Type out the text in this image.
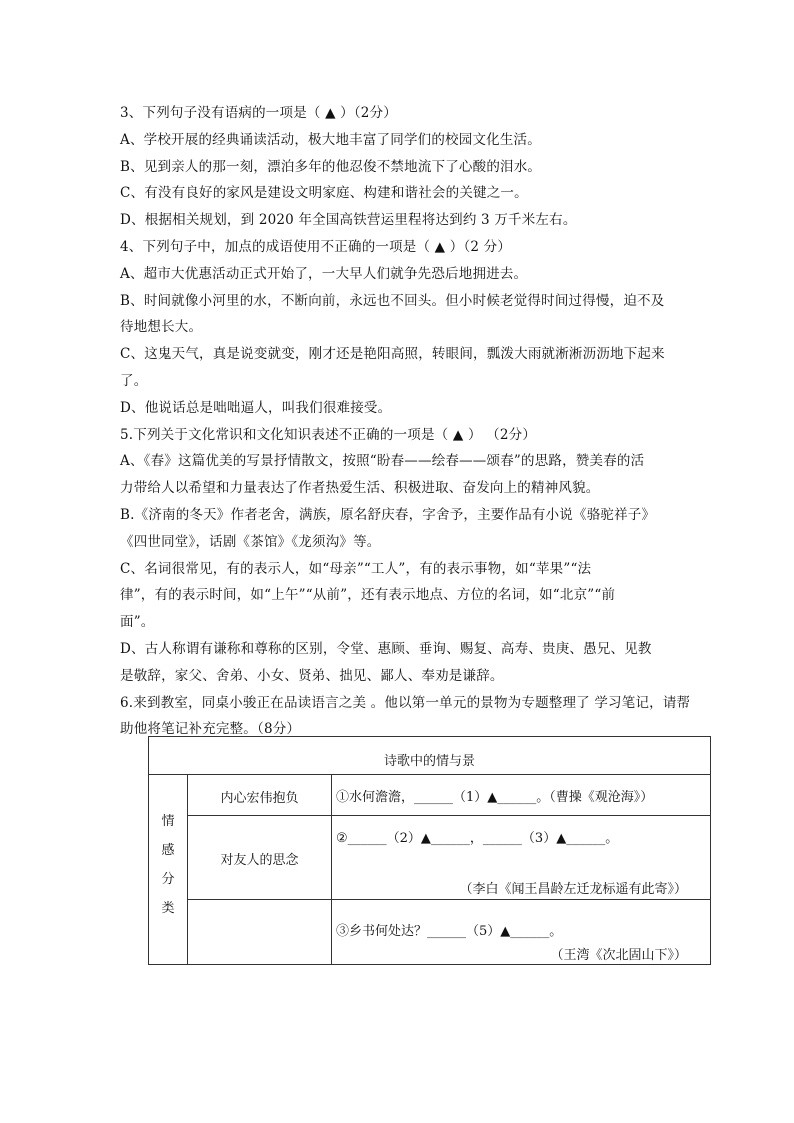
3、下列句子没有语病的一项是（ ▲ ）（2分）
A、学校开展的经典诵读活动，极大地丰富了同学们的校园文化生活。
B、见到亲人的那一刻，漂泊多年的他忍俊不禁地流下了心酸的泪水。
C、有没有良好的家风是建设文明家庭、构建和谐社会的关键之一。
D、根据相关规划，到 2020 年全国高铁营运里程将达到约 3 万千米左右。
4、下列句子中，加点的成语使用不正确的一项是（ ▲ ）（2 分）
A、超市大优惠活动正式开始了，一大早人们就争先恐后地拥进去。
B、时间就像小河里的水，不断向前，永远也不回头。但小时候老觉得时间过得慢，迫不及
待地想长大。
C、这鬼天气，真是说变就变，刚才还是艳阳高照，转眼间，瓢泼大雨就淅淅沥沥地下起来
了。
D、他说话总是咄咄逼人，叫我们很难接受。
5.下列关于文化常识和文化知识表述不正确的一项是（ ▲ ） （2分）
A、《春》这篇优美的写景抒情散文，按照“盼春——绘春——颂春”的思路，赞美春的活
力带给人以希望和力量表达了作者热爱生活、积极进取、奋发向上的精神风貌。
B.《济南的冬天》作者老舍，满族，原名舒庆春，字舍予，主要作品有小说《骆驼祥子》
《四世同堂》，话剧《茶馆》《龙须沟》等。
C、名词很常见，有的表示人，如“母亲”“工人”，有的表示事物，如“苹果”“法
律”，有的表示时间，如“上午”“从前”，还有表示地点、方位的名词，如“北京”“前
面”。
D、古人称谓有谦称和尊称的区别，令堂、惠顾、垂询、赐复、高寿、贵庚、愚兄、见教
是敬辞，家父、舍弟、小女、贤弟、拙见、鄙人、奉劝是谦辞。
6.来到教室，同桌小骏正在品读语言之美 。他以第一单元的景物为专题整理了 学习笔记，请帮
助他将笔记补充完整。（8分）
诗歌中的情与景
情
感
分
类
内心宏伟抱负	①水何澹澹，______（1）▲______。（曹操《观沧海》）
对友人的思念
②______（2）▲______，______（3）▲______。
（李白《闻王昌龄左迁龙标遥有此寄》）
③乡书何处达？______（5）▲______。
（王湾《次北固山下》）
